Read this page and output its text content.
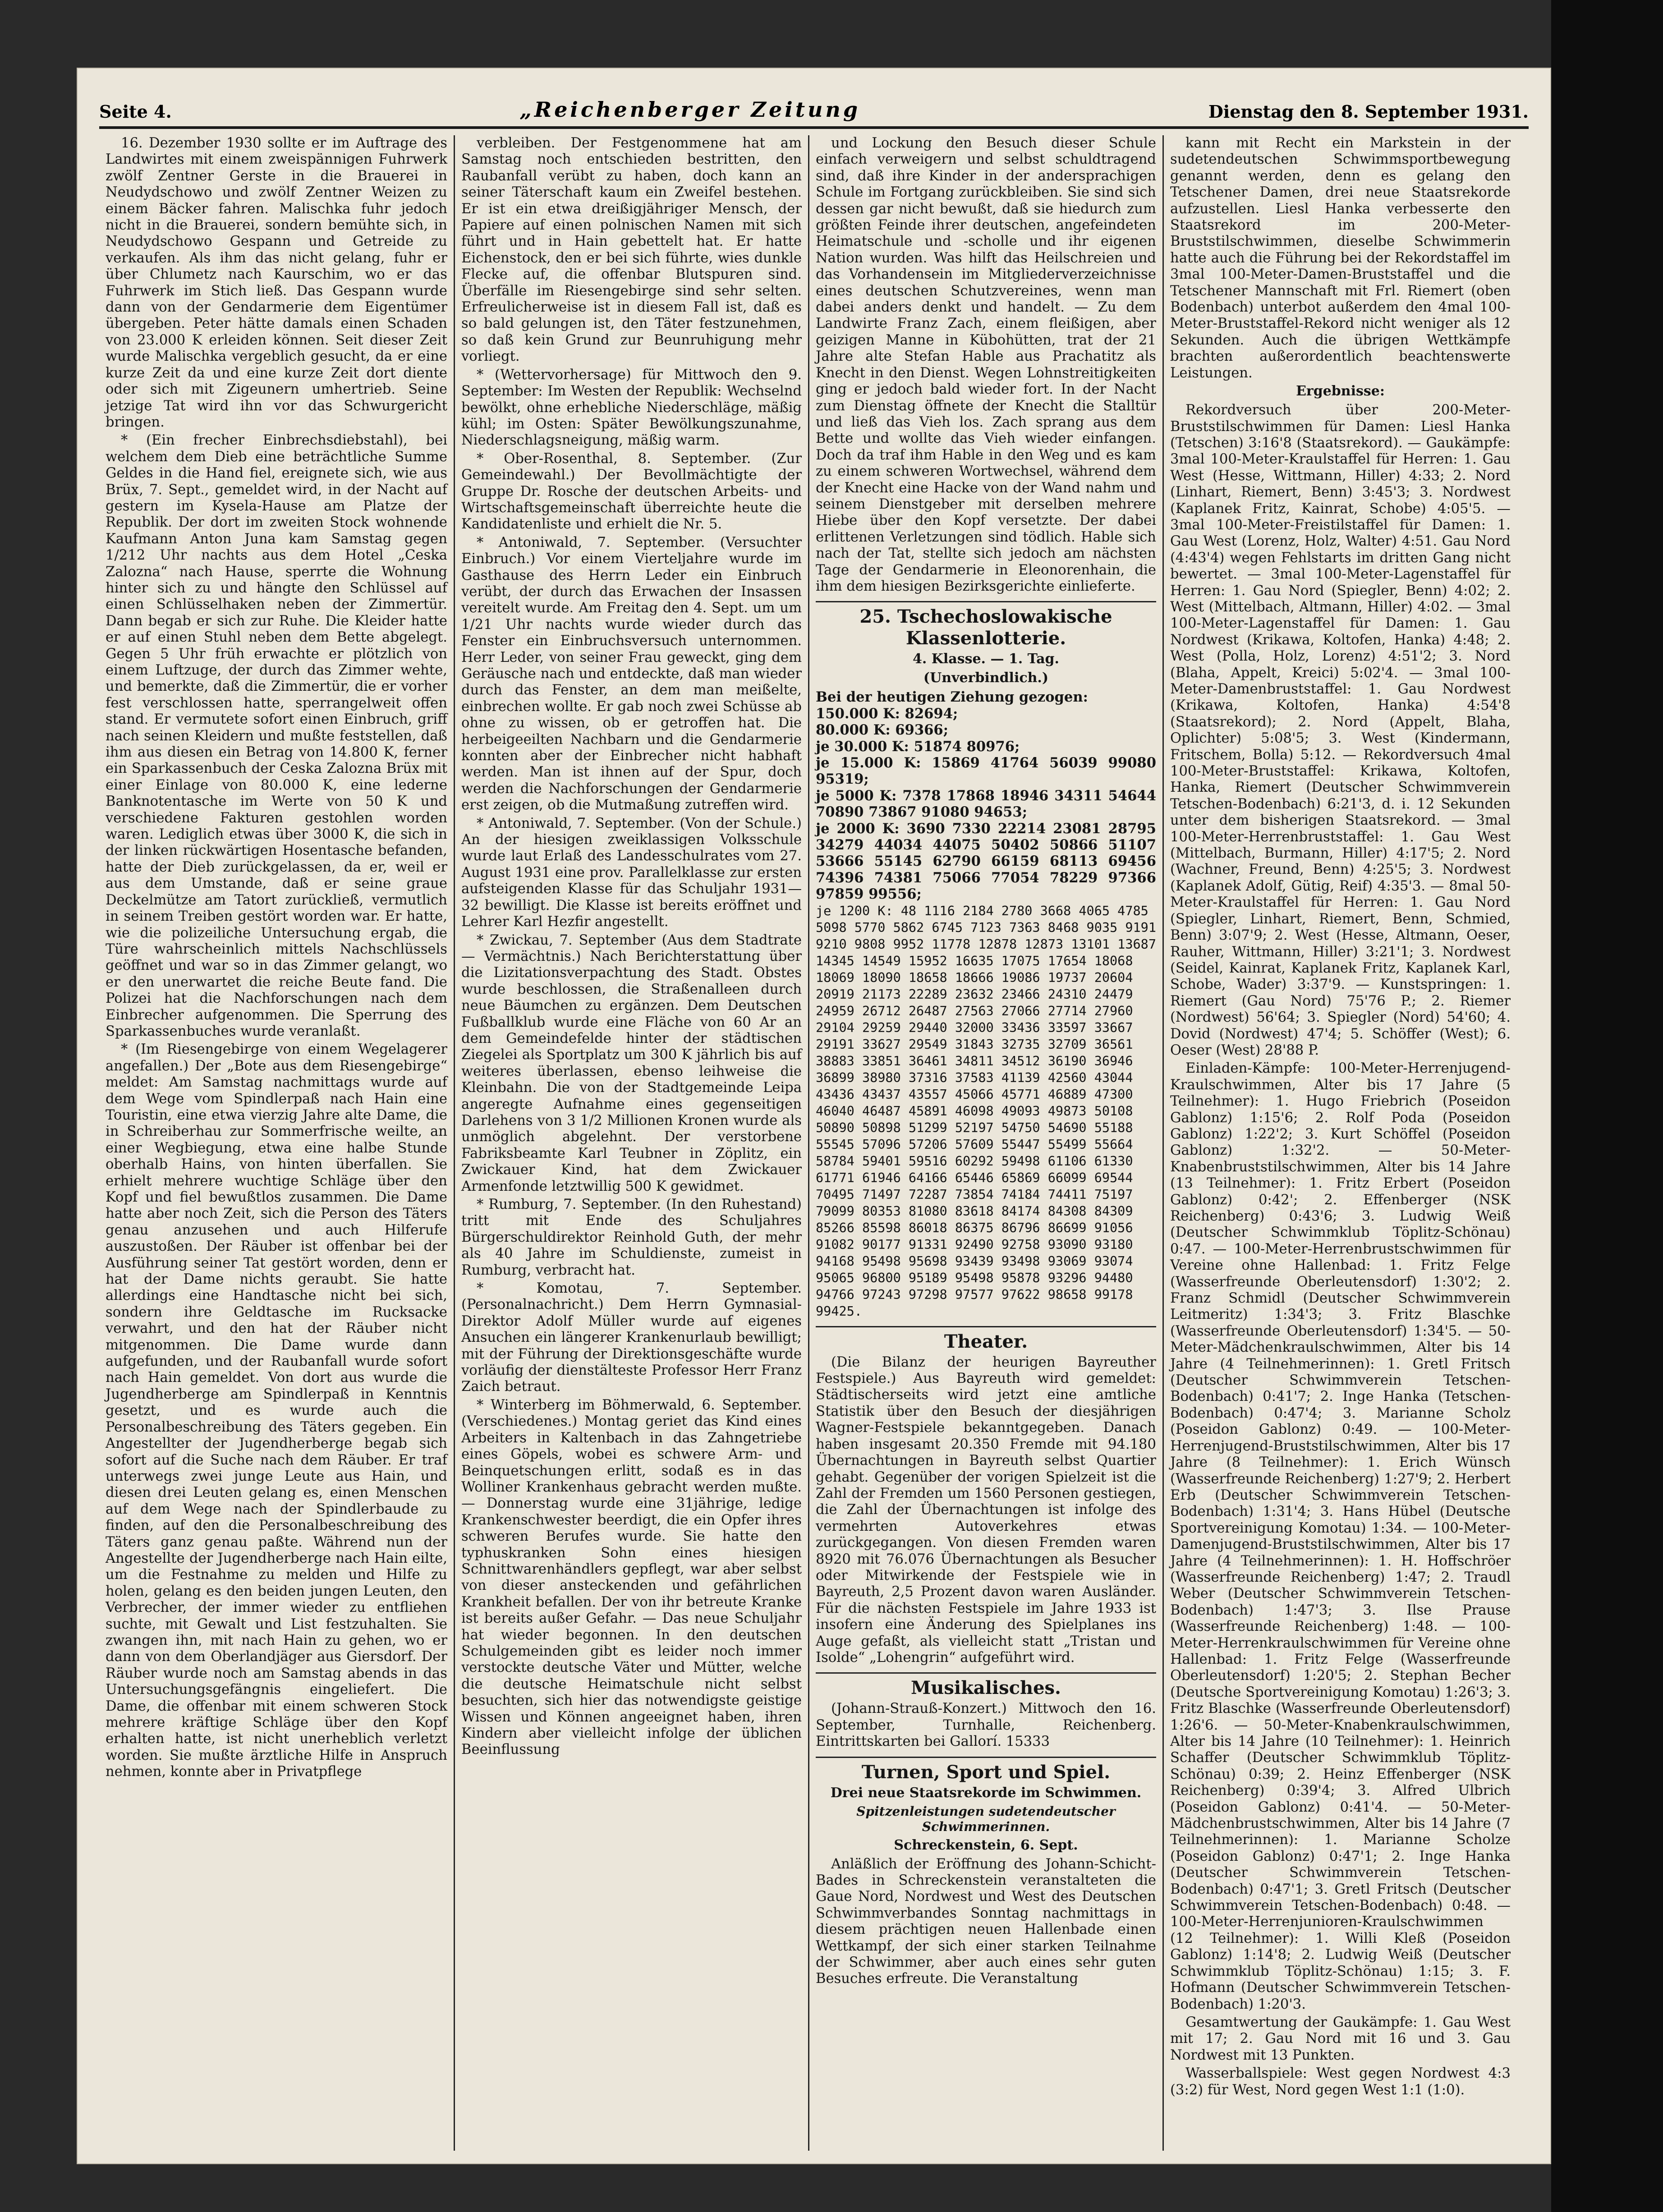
Seite 4.	„Reichenberger Zeitung	Dienstag den 8. September 1931.

16. Dezember 1930 sollte er im Auftrage des Landwirtes mit einem zweispännigen Fuhrwerk zwölf Zentner Gerste in die Brauerei in Neudydschowo und zwölf Zentner Weizen zu einem Bäcker fahren. Malischka fuhr jedoch nicht in die Brauerei, sondern bemühte sich, in Neudydschowo Gespann und Getreide zu verkaufen. Als ihm das nicht gelang, fuhr er über Chlumetz nach Kaurschim, wo er das Fuhrwerk im Stich ließ. Das Gespann wurde dann von der Gendarmerie dem Eigentümer übergeben. Peter hätte damals einen Schaden von 23.000 K erleiden können. Seit dieser Zeit wurde Malischka vergeblich gesucht, da er eine kurze Zeit da und eine kurze Zeit dort diente oder sich mit Zigeunern umhertrieb. Seine jetzige Tat wird ihn vor das Schwurgericht bringen.

* (Ein frecher Einbrechsdiebstahl), bei welchem dem Dieb eine beträchtliche Summe Geldes in die Hand fiel, ereignete sich, wie aus Brüx, 7. Sept., gemeldet wird, in der Nacht auf gestern im Kysela-Hause am Platze der Republik. Der dort im zweiten Stock wohnende Kaufmann Anton Juna kam Samstag gegen 1/212 Uhr nachts aus dem Hotel „Ceska Zalozna“ nach Hause, sperrte die Wohnung hinter sich zu und hängte den Schlüssel auf einen Schlüsselhaken neben der Zimmertür. Dann begab er sich zur Ruhe. Die Kleider hatte er auf einen Stuhl neben dem Bette abgelegt. Gegen 5 Uhr früh erwachte er plötzlich von einem Luftzuge, der durch das Zimmer wehte, und bemerkte, daß die Zimmertür, die er vorher fest verschlossen hatte, sperrangelweit offen stand. Er vermutete sofort einen Einbruch, griff nach seinen Kleidern und mußte feststellen, daß ihm aus diesen ein Betrag von 14.800 K, ferner ein Sparkassenbuch der Ceska Zalozna Brüx mit einer Einlage von 80.000 K, eine lederne Banknotentasche im Werte von 50 K und verschiedene Fakturen gestohlen worden waren. Lediglich etwas über 3000 K, die sich in der linken rückwärtigen Hosentasche befanden, hatte der Dieb zurückgelassen, da er, weil er aus dem Umstande, daß er seine graue Deckelmütze am Tatort zurückließ, vermutlich in seinem Treiben gestört worden war. Er hatte, wie die polizeiliche Untersuchung ergab, die Türe wahrscheinlich mittels Nachschlüssels geöffnet und war so in das Zimmer gelangt, wo er den unerwartet die reiche Beute fand. Die Polizei hat die Nachforschungen nach dem Einbrecher aufgenommen. Die Sperrung des Sparkassenbuches wurde veranlaßt.

* (Im Riesengebirge von einem Wegelagerer angefallen.) Der „Bote aus dem Riesengebirge“ meldet: Am Samstag nachmittags wurde auf dem Wege vom Spindlerpaß nach Hain eine Touristin, eine etwa vierzig Jahre alte Dame, die in Schreiberhau zur Sommerfrische weilte, an einer Wegbiegung, etwa eine halbe Stunde oberhalb Hains, von hinten überfallen. Sie erhielt mehrere wuchtige Schläge über den Kopf und fiel bewußtlos zusammen. Die Dame hatte aber noch Zeit, sich die Person des Täters genau anzusehen und auch Hilferufe auszustoßen. Der Räuber ist offenbar bei der Ausführung seiner Tat gestört worden, denn er hat der Dame nichts geraubt. Sie hatte allerdings eine Handtasche nicht bei sich, sondern ihre Geldtasche im Rucksacke verwahrt, und den hat der Räuber nicht mitgenommen. Die Dame wurde dann aufgefunden, und der Raubanfall wurde sofort nach Hain gemeldet. Von dort aus wurde die Jugendherberge am Spindlerpaß in Kenntnis gesetzt, und es wurde auch die Personalbeschreibung des Täters gegeben. Ein Angestellter der Jugendherberge begab sich sofort auf die Suche nach dem Räuber. Er traf unterwegs zwei junge Leute aus Hain, und diesen drei Leuten gelang es, einen Menschen auf dem Wege nach der Spindlerbaude zu finden, auf den die Personalbeschreibung des Täters ganz genau paßte. Während nun der Angestellte der Jugendherberge nach Hain eilte, um die Festnahme zu melden und Hilfe zu holen, gelang es den beiden jungen Leuten, den Verbrecher, der immer wieder zu entfliehen suchte, mit Gewalt und List festzuhalten. Sie zwangen ihn, mit nach Hain zu gehen, wo er dann von dem Oberlandjäger aus Giersdorf. Der Räuber wurde noch am Samstag abends in das Untersuchungsgefängnis eingeliefert. Die Dame, die offenbar mit einem schweren Stock mehrere kräftige Schläge über den Kopf erhalten hatte, ist nicht unerheblich verletzt worden. Sie mußte ärztliche Hilfe in Anspruch nehmen, konnte aber in Privatpflege

verbleiben. Der Festgenommene hat am Samstag noch entschieden bestritten, den Raubanfall verübt zu haben, doch kann an seiner Täterschaft kaum ein Zweifel bestehen. Er ist ein etwa dreißigjähriger Mensch, der Papiere auf einen polnischen Namen mit sich führt und in Hain gebettelt hat. Er hatte Eichenstock, den er bei sich führte, wies dunkle Flecke auf, die offenbar Blutspuren sind. Überfälle im Riesengebirge sind sehr selten. Erfreulicherweise ist in diesem Fall ist, daß es so bald gelungen ist, den Täter festzunehmen, so daß kein Grund zur Beunruhigung mehr vorliegt.

* (Wettervorhersage) für Mittwoch den 9. September: Im Westen der Republik: Wechselnd bewölkt, ohne erhebliche Niederschläge, mäßig kühl; im Osten: Später Bewölkungszunahme, Niederschlagsneigung, mäßig warm.

* Ober-Rosenthal, 8. September. (Zur Gemeindewahl.) Der Bevollmächtigte der Gruppe Dr. Rosche der deutschen Arbeits- und Wirtschaftsgemeinschaft überreichte heute die Kandidatenliste und erhielt die Nr. 5.

* Antoniwald, 7. September. (Versuchter Einbruch.) Vor einem Vierteljahre wurde im Gasthause des Herrn Leder ein Einbruch verübt, der durch das Erwachen der Insassen vereitelt wurde. Am Freitag den 4. Sept. um um 1/21 Uhr nachts wurde wieder durch das Fenster ein Einbruchsversuch unternommen. Herr Leder, von seiner Frau geweckt, ging dem Geräusche nach und entdeckte, daß man wieder durch das Fenster, an dem man meißelte, einbrechen wollte. Er gab noch zwei Schüsse ab ohne zu wissen, ob er getroffen hat. Die herbeigeeilten Nachbarn und die Gendarmerie konnten aber der Einbrecher nicht habhaft werden. Man ist ihnen auf der Spur, doch werden die Nachforschungen der Gendarmerie erst zeigen, ob die Mutmaßung zutreffen wird.

* Antoniwald, 7. September. (Von der Schule.) An der hiesigen zweiklassigen Volksschule wurde laut Erlaß des Landesschulrates vom 27. August 1931 eine prov. Parallelklasse zur ersten aufsteigenden Klasse für das Schuljahr 1931—32 bewilligt. Die Klasse ist bereits eröffnet und Lehrer Karl Hezfir angestellt.

* Zwickau, 7. September (Aus dem Stadtrate — Vermächtnis.) Nach Berichterstattung über die Lizitationsverpachtung des Stadt. Obstes wurde beschlossen, die Straßenalleen durch neue Bäumchen zu ergänzen. Dem Deutschen Fußballklub wurde eine Fläche von 60 Ar an dem Gemeindefelde hinter der städtischen Ziegelei als Sportplatz um 300 K jährlich bis auf weiteres überlassen, ebenso leihweise die Kleinbahn. Die von der Stadtgemeinde Leipa angeregte Aufnahme eines gegenseitigen Darlehens von 3 1/2 Millionen Kronen wurde als unmöglich abgelehnt. Der verstorbene Fabriksbeamte Karl Teubner in Zöplitz, ein Zwickauer Kind, hat dem Zwickauer Armenfonde letztwillig 500 K gewidmet.

* Rumburg, 7. September. (In den Ruhestand) tritt mit Ende des Schuljahres Bürgerschuldirektor Reinhold Guth, der mehr als 40 Jahre im Schuldienste, zumeist in Rumburg, verbracht hat.

* Komotau, 7. September. (Personalnachricht.) Dem Herrn Gymnasial-Direktor Adolf Müller wurde auf eigenes Ansuchen ein längerer Krankenurlaub bewilligt; mit der Führung der Direktionsgeschäfte wurde vorläufig der dienstälteste Professor Herr Franz Zaich betraut.

* Winterberg im Böhmerwald, 6. September. (Verschiedenes.) Montag geriet das Kind eines Arbeiters in Kaltenbach in das Zahngetriebe eines Göpels, wobei es schwere Arm- und Beinquetschungen erlitt, sodaß es in das Wolliner Krankenhaus gebracht werden mußte. — Donnerstag wurde eine 31jährige, ledige Krankenschwester beerdigt, die ein Opfer ihres schweren Berufes wurde. Sie hatte den typhuskranken Sohn eines hiesigen Schnittwarenhändlers gepflegt, war aber selbst von dieser ansteckenden und gefährlichen Krankheit befallen. Der von ihr betreute Kranke ist bereits außer Gefahr. — Das neue Schuljahr hat wieder begonnen. In den deutschen Schulgemeinden gibt es leider noch immer verstockte deutsche Väter und Mütter, welche die deutsche Heimatschule nicht selbst besuchten, sich hier das notwendigste geistige Wissen und Können angeeignet haben, ihren Kindern aber vielleicht infolge der üblichen Beeinflussung

und Lockung den Besuch dieser Schule einfach verweigern und selbst schuldtragend sind, daß ihre Kinder in der andersprachigen Schule im Fortgang zurückbleiben. Sie sind sich dessen gar nicht bewußt, daß sie hiedurch zum größten Feinde ihrer deutschen, angefeindeten Heimatschule und -scholle und ihr eigenen Nation wurden. Was hilft das Heilschreien und das Vorhandensein im Mitgliederverzeichnisse eines deutschen Schutzvereines, wenn man dabei anders denkt und handelt. — Zu dem Landwirte Franz Zach, einem fleißigen, aber geizigen Manne in Kübohütten, trat der 21 Jahre alte Stefan Hable aus Prachatitz als Knecht in den Dienst. Wegen Lohnstreitigkeiten ging er jedoch bald wieder fort. In der Nacht zum Dienstag öffnete der Knecht die Stalltür und ließ das Vieh los. Zach sprang aus dem Bette und wollte das Vieh wieder einfangen. Doch da traf ihm Hable in den Weg und es kam zu einem schweren Wortwechsel, während dem der Knecht eine Hacke von der Wand nahm und seinem Dienstgeber mit derselben mehrere Hiebe über den Kopf versetzte. Der dabei erlittenen Verletzungen sind tödlich. Hable sich nach der Tat, stellte sich jedoch am nächsten Tage der Gendarmerie in Eleonorenhain, die ihm dem hiesigen Bezirksgerichte einlieferte.

25. Tschechoslowakische Klassenlotterie.
4. Klasse. — 1. Tag.
(Unverbindlich.)

Bei der heutigen Ziehung gezogen:

150.000 K: 82694;

80.000 K: 69366;

je 30.000 K: 51874 80976;

je 15.000 K: 15869 41764 56039 99080 95319;

je 5000 K: 7378 17868 18946 34311 54644 70890 73867 91080 94653;

je 2000 K: 3690 7330 22214 23081 28795 34279 44034 44075 50402 50866 51107 53666 55145 62790 66159 68113 69456 74396 74381 75066 77054 78229 97366 97859 99556;

je 1200 K: 48 1116 2184 2780 3668 4065 4785 5098 5770 5862 6745 7123 7363 8468 9035 9191 9210 9808 9952 11778 12878 12873 13101 13687 14345 14549 15952 16635 17075 17654 18068 18069 18090 18658 18666 19086 19737 20604 20919 21173 22289 23632 23466 24310 24479 24959 26712 26487 27563 27066 27714 27960 29104 29259 29440 32000 33436 33597 33667 29191 33627 29549 31843 32735 32709 36561 38883 33851 36461 34811 34512 36190 36946 36899 38980 37316 37583 41139 42560 43044 43436 43437 43557 45066 45771 46889 47300 46040 46487 45891 46098 49093 49873 50108 50890 50898 51299 52197 54750 54690 55188 55545 57096 57206 57609 55447 55499 55664 58784 59401 59516 60292 59498 61106 61330 61771 61946 64166 65446 65869 66099 69544 70495 71497 72287 73854 74184 74411 75197 79099 80353 81080 83618 84174 84308 84309 85266 85598 86018 86375 86796 86699 91056 91082 90177 91331 92490 92758 93090 93180 94168 95498 95698 93439 93498 93069 93074 95065 96800 95189 95498 95878 93296 94480 94766 97243 97298 97577 97622 98658 99178 99425.

Theater.

(Die Bilanz der heurigen Bayreuther Festspiele.) Aus Bayreuth wird gemeldet: Städtischerseits wird jetzt eine amtliche Statistik über den Besuch der diesjährigen Wagner-Festspiele bekanntgegeben. Danach haben insgesamt 20.350 Fremde mit 94.180 Übernachtungen in Bayreuth selbst Quartier gehabt. Gegenüber der vorigen Spielzeit ist die Zahl der Fremden um 1560 Personen gestiegen, die Zahl der Übernachtungen ist infolge des vermehrten Autoverkehres etwas zurückgegangen. Von diesen Fremden waren 8920 mit 76.076 Übernachtungen als Besucher oder Mitwirkende der Festspiele wie in Bayreuth, 2,5 Prozent davon waren Ausländer. Für die nächsten Festspiele im Jahre 1933 ist insofern eine Änderung des Spielplanes ins Auge gefaßt, als vielleicht statt „Tristan und Isolde“ „Lohengrin“ aufgeführt wird.

Musikalisches.

(Johann-Strauß-Konzert.) Mittwoch den 16. September, Turnhalle, Reichenberg. Eintrittskarten bei Gallorí. 15333

Turnen, Sport und Spiel.
Drei neue Staatsrekorde im Schwimmen.
Spitzenleistungen sudetendeutscher Schwimmerinnen.
Schreckenstein, 6. Sept.

Anläßlich der Eröffnung des Johann-Schicht-Bades in Schreckenstein veranstalteten die Gaue Nord, Nordwest und West des Deutschen Schwimmverbandes Sonntag nachmittags in diesem prächtigen neuen Hallenbade einen Wettkampf, der sich einer starken Teilnahme der Schwimmer, aber auch eines sehr guten Besuches erfreute. Die Veranstaltung

kann mit Recht ein Markstein in der sudetendeutschen Schwimmsportbewegung genannt werden, denn es gelang den Tetschener Damen, drei neue Staatsrekorde aufzustellen. Liesl Hanka verbesserte den Staatsrekord im 200-Meter-Bruststilschwimmen, dieselbe Schwimmerin hatte auch die Führung bei der Rekordstaffel im 3mal 100-Meter-Damen-Bruststaffel und die Tetschener Mannschaft mit Frl. Riemert (oben Bodenbach) unterbot außerdem den 4mal 100-Meter-Bruststaffel-Rekord nicht weniger als 12 Sekunden. Auch die übrigen Wettkämpfe brachten außerordentlich beachtenswerte Leistungen.

Ergebnisse:

Rekordversuch über 200-Meter-Bruststilschwimmen für Damen: Liesl Hanka (Tetschen) 3:16'8 (Staatsrekord). — Gaukämpfe: 3mal 100-Meter-Kraulstaffel für Herren: 1. Gau West (Hesse, Wittmann, Hiller) 4:33; 2. Nord (Linhart, Riemert, Benn) 3:45'3; 3. Nordwest (Kaplanek Fritz, Kainrat, Schobe) 4:05'5. — 3mal 100-Meter-Freistilstaffel für Damen: 1. Gau West (Lorenz, Holz, Walter) 4:51. Gau Nord (4:43'4) wegen Fehlstarts im dritten Gang nicht bewertet. — 3mal 100-Meter-Lagenstaffel für Herren: 1. Gau Nord (Spiegler, Benn) 4:02; 2. West (Mittelbach, Altmann, Hiller) 4:02. — 3mal 100-Meter-Lagenstaffel für Damen: 1. Gau Nordwest (Krikawa, Koltofen, Hanka) 4:48; 2. West (Polla, Holz, Lorenz) 4:51'2; 3. Nord (Blaha, Appelt, Kreici) 5:02'4. — 3mal 100-Meter-Damenbruststaffel: 1. Gau Nordwest (Krikawa, Koltofen, Hanka) 4:54'8 (Staatsrekord); 2. Nord (Appelt, Blaha, Oplichter) 5:08'5; 3. West (Kindermann, Fritschem, Bolla) 5:12. — Rekordversuch 4mal 100-Meter-Bruststaffel: Krikawa, Koltofen, Hanka, Riemert (Deutscher Schwimmverein Tetschen-Bodenbach) 6:21'3, d. i. 12 Sekunden unter dem bisherigen Staatsrekord. — 3mal 100-Meter-Herrenbruststaffel: 1. Gau West (Mittelbach, Burmann, Hiller) 4:17'5; 2. Nord (Wachner, Freund, Benn) 4:25'5; 3. Nordwest (Kaplanek Adolf, Gütig, Reif) 4:35'3. — 8mal 50-Meter-Kraulstaffel für Herren: 1. Gau Nord (Spiegler, Linhart, Riemert, Benn, Schmied, Benn) 3:07'9; 2. West (Hesse, Altmann, Oeser, Rauher, Wittmann, Hiller) 3:21'1; 3. Nordwest (Seidel, Kainrat, Kaplanek Fritz, Kaplanek Karl, Schobe, Wader) 3:37'9. — Kunstspringen: 1. Riemert (Gau Nord) 75'76 P.; 2. Riemer (Nordwest) 56'64; 3. Spiegler (Nord) 54'60; 4. Dovid (Nordwest) 47'4; 5. Schöffer (West); 6. Oeser (West) 28'88 P.

Einladen-Kämpfe: 100-Meter-Herrenjugend-Kraulschwimmen, Alter bis 17 Jahre (5 Teilnehmer): 1. Hugo Friebrich (Poseidon Gablonz) 1:15'6; 2. Rolf Poda (Poseidon Gablonz) 1:22'2; 3. Kurt Schöffel (Poseidon Gablonz) 1:32'2. — 50-Meter-Knabenbruststilschwimmen, Alter bis 14 Jahre (13 Teilnehmer): 1. Fritz Erbert (Poseidon Gablonz) 0:42'; 2. Effenberger (NSK Reichenberg) 0:43'6; 3. Ludwig Weiß (Deutscher Schwimmklub Töplitz-Schönau) 0:47. — 100-Meter-Herrenbrustschwimmen für Vereine ohne Hallenbad: 1. Fritz Felge (Wasserfreunde Oberleutensdorf) 1:30'2; 2. Franz Schmidl (Deutscher Schwimmverein Leitmeritz) 1:34'3; 3. Fritz Blaschke (Wasserfreunde Oberleutensdorf) 1:34'5. — 50-Meter-Mädchenkraulschwimmen, Alter bis 14 Jahre (4 Teilnehmerinnen): 1. Gretl Fritsch (Deutscher Schwimmverein Tetschen-Bodenbach) 0:41'7; 2. Inge Hanka (Tetschen-Bodenbach) 0:47'4; 3. Marianne Scholz (Poseidon Gablonz) 0:49. — 100-Meter-Herrenjugend-Bruststilschwimmen, Alter bis 17 Jahre (8 Teilnehmer): 1. Erich Wünsch (Wasserfreunde Reichenberg) 1:27'9; 2. Herbert Erb (Deutscher Schwimmverein Tetschen-Bodenbach) 1:31'4; 3. Hans Hübel (Deutsche Sportvereinigung Komotau) 1:34. — 100-Meter-Damenjugend-Bruststilschwimmen, Alter bis 17 Jahre (4 Teilnehmerinnen): 1. H. Hoffschröer (Wasserfreunde Reichenberg) 1:47; 2. Traudl Weber (Deutscher Schwimmverein Tetschen-Bodenbach) 1:47'3; 3. Ilse Prause (Wasserfreunde Reichenberg) 1:48. — 100-Meter-Herrenkraulschwimmen für Vereine ohne Hallenbad: 1. Fritz Felge (Wasserfreunde Oberleutensdorf) 1:20'5; 2. Stephan Becher (Deutsche Sportvereinigung Komotau) 1:26'3; 3. Fritz Blaschke (Wasserfreunde Oberleutensdorf) 1:26'6. — 50-Meter-Knabenkraulschwimmen, Alter bis 14 Jahre (10 Teilnehmer): 1. Heinrich Schaffer (Deutscher Schwimmklub Töplitz-Schönau) 0:39; 2. Heinz Effenberger (NSK Reichenberg) 0:39'4; 3. Alfred Ulbrich (Poseidon Gablonz) 0:41'4. — 50-Meter-Mädchenbrustschwimmen, Alter bis 14 Jahre (7 Teilnehmerinnen): 1. Marianne Scholze (Poseidon Gablonz) 0:47'1; 2. Inge Hanka (Deutscher Schwimmverein Tetschen-Bodenbach) 0:47'1; 3. Gretl Fritsch (Deutscher Schwimmverein Tetschen-Bodenbach) 0:48. — 100-Meter-Herrenjunioren-Kraulschwimmen (12 Teilnehmer): 1. Willi Kleß (Poseidon Gablonz) 1:14'8; 2. Ludwig Weiß (Deutscher Schwimmklub Töplitz-Schönau) 1:15; 3. F. Hofmann (Deutscher Schwimmverein Tetschen-Bodenbach) 1:20'3.

Gesamtwertung der Gaukämpfe: 1. Gau West mit 17; 2. Gau Nord mit 16 und 3. Gau Nordwest mit 13 Punkten.

Wasserballspiele: West gegen Nordwest 4:3 (3:2) für West, Nord gegen West 1:1 (1:0).
